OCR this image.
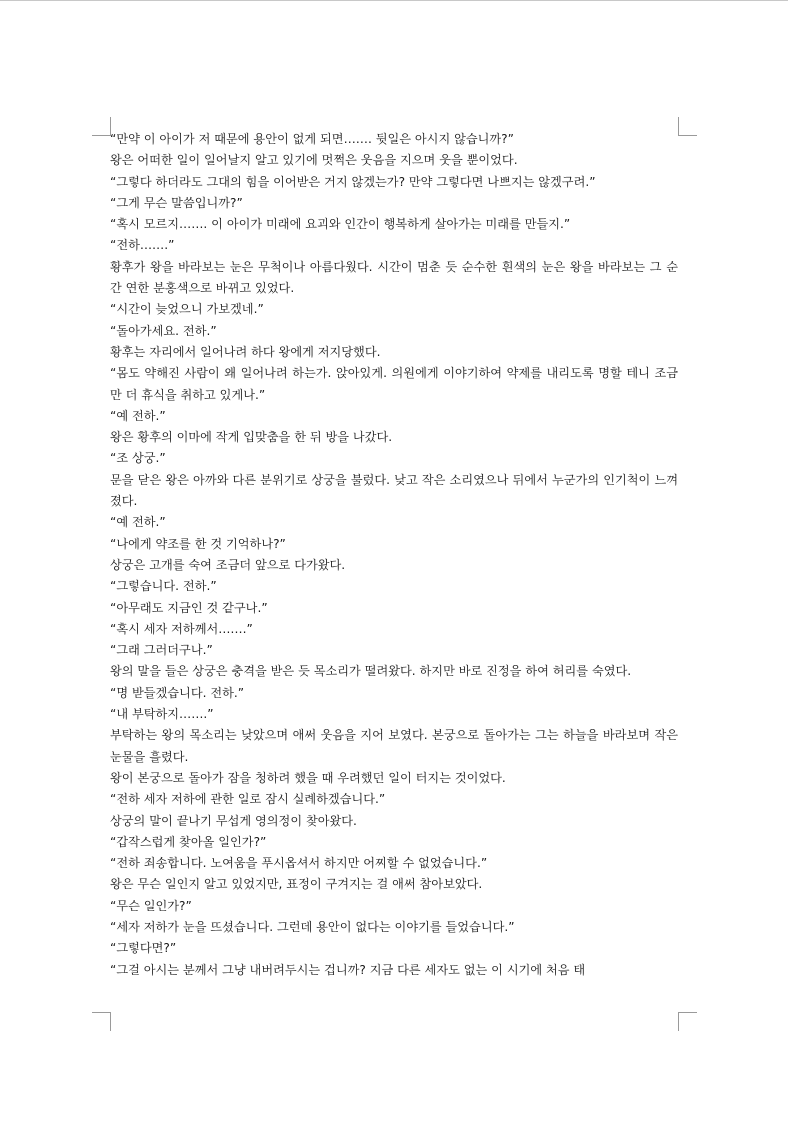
“만약 이 아이가 저 때문에 용안이 없게 되면……. 뒷일은 아시지 않습니까?”

왕은 어떠한 일이 일어날지 알고 있기에 멋쩍은 웃음을 지으며 웃을 뿐이었다.

“그렇다 하더라도 그대의 힘을 이어받은 거지 않겠는가? 만약 그렇다면 나쁘지는 않겠구려.”

“그게 무슨 말씀입니까?”

“혹시 모르지……. 이 아이가 미래에 요괴와 인간이 행복하게 살아가는 미래를 만들지.”

“전하…….”

황후가 왕을 바라보는 눈은 무척이나 아름다웠다. 시간이 멈춘 듯 순수한 흰색의 눈은 왕을 바라보는 그 순간 연한 분홍색으로 바뀌고 있었다.

“시간이 늦었으니 가보겠네.”

“돌아가세요. 전하.”

황후는 자리에서 일어나려 하다 왕에게 저지당했다.

“몸도 약해진 사람이 왜 일어나려 하는가. 앉아있게. 의원에게 이야기하여 약제를 내리도록 명할 테니 조금만 더 휴식을 취하고 있게나.”

“예 전하.”

왕은 황후의 이마에 작게 입맞춤을 한 뒤 방을 나갔다.

“조 상궁.”

문을 닫은 왕은 아까와 다른 분위기로 상궁을 불렀다. 낮고 작은 소리였으나 뒤에서 누군가의 인기척이 느껴졌다.

“예 전하.”

“나에게 약조를 한 것 기억하나?”

상궁은 고개를 숙여 조금더 앞으로 다가왔다.

“그렇습니다. 전하.”

“아무래도 지금인 것 같구나.”

“혹시 세자 저하께서…….”

“그래 그러더구나.”

왕의 말을 들은 상궁은 충격을 받은 듯 목소리가 떨려왔다. 하지만 바로 진정을 하여 허리를 숙였다.

“명 받들겠습니다. 전하.”

“내 부탁하지…….”

부탁하는 왕의 목소리는 낮았으며 애써 웃음을 지어 보였다. 본궁으로 돌아가는 그는 하늘을 바라보며 작은 눈물을 흘렸다.

왕이 본궁으로 돌아가 잠을 청하려 했을 때 우려했던 일이 터지는 것이었다.

“전하 세자 저하에 관한 일로 잠시 실례하겠습니다.”

상궁의 말이 끝나기 무섭게 영의정이 찾아왔다.

“갑작스럽게 찾아올 일인가?”

“전하 죄송합니다. 노여움을 푸시옵셔서 하지만 어찌할 수 없었습니다.”

왕은 무슨 일인지 알고 있었지만, 표정이 구겨지는 걸 애써 참아보았다.

“무슨 일인가?”

“세자 저하가 눈을 뜨셨습니다. 그런데 용안이 없다는 이야기를 들었습니다.”

“그렇다면?”

“그걸 아시는 분께서 그냥 내버려두시는 겁니까? 지금 다른 세자도 없는 이 시기에 처음 태
